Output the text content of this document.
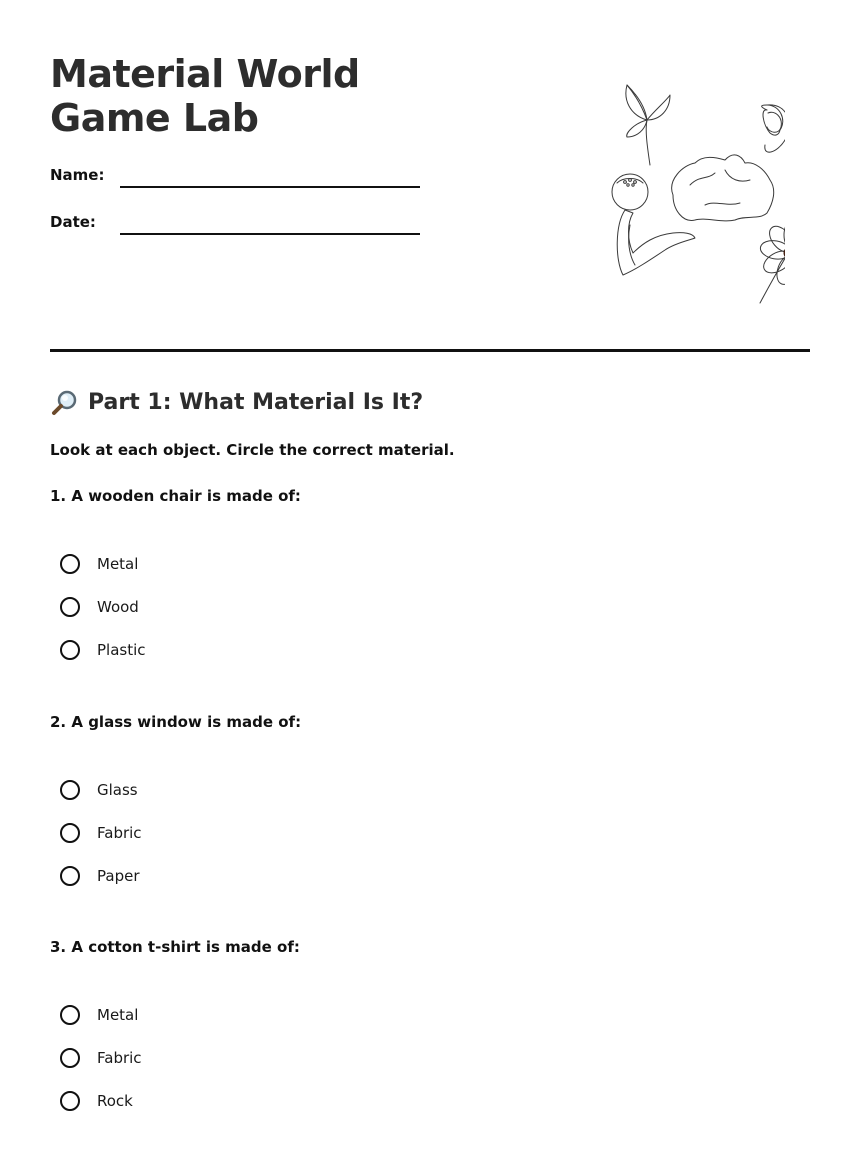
Material World Game Lab
Name:
Date:
Part 1: What Material Is It?
Look at each object. Circle the correct material.
1. A wooden chair is made of:
Metal
Wood
Plastic
2. A glass window is made of:
Glass
Fabric
Paper
3. A cotton t-shirt is made of:
Metal
Fabric
Rock
